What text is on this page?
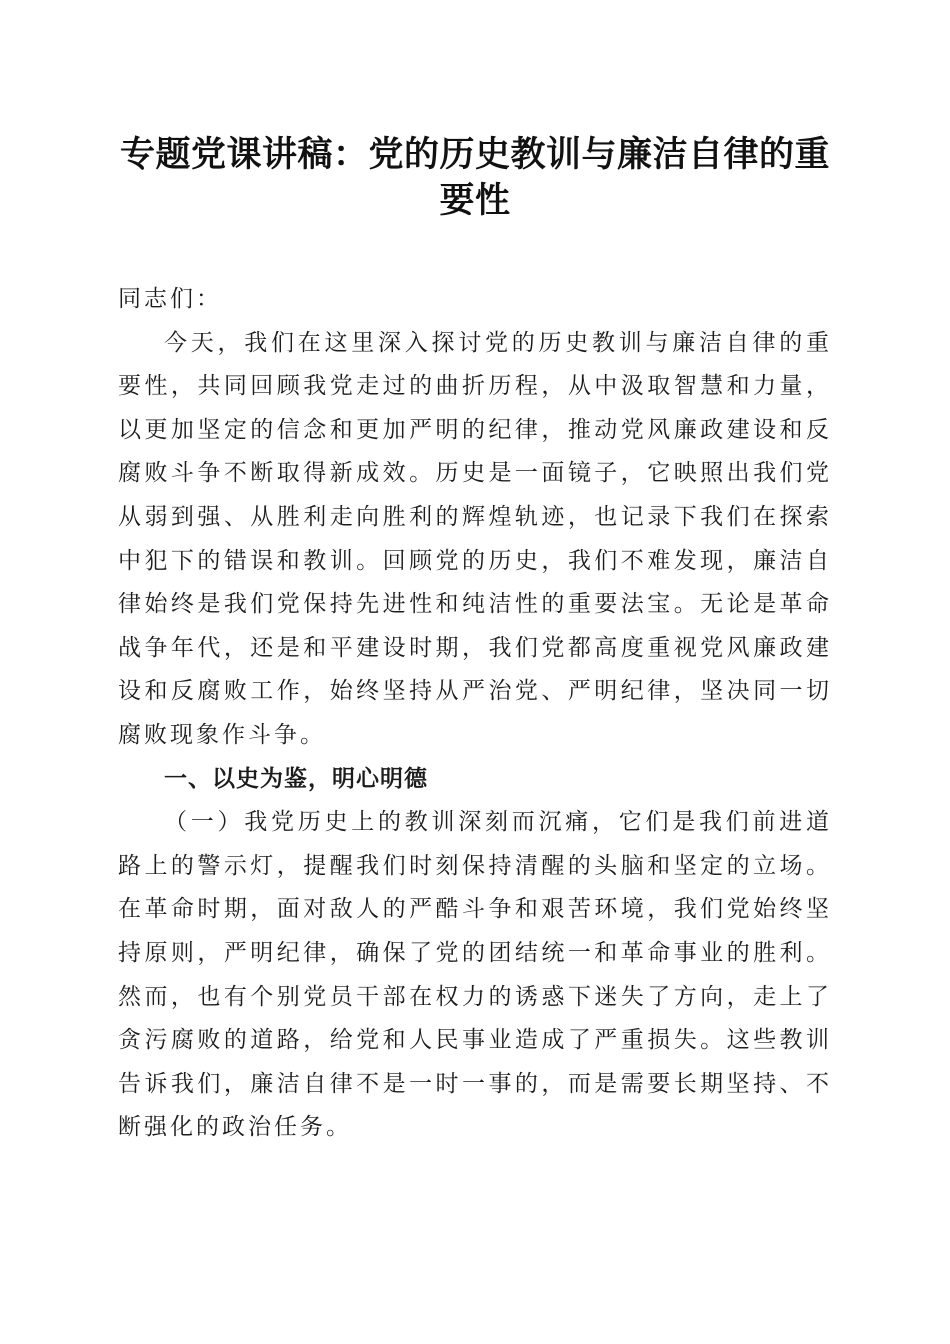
专题党课讲稿：党的历史教训与廉洁自律的重要性

同志们：

今天，我们在这里深入探讨党的历史教训与廉洁自律的重要性，共同回顾我党走过的曲折历程，从中汲取智慧和力量，以更加坚定的信念和更加严明的纪律，推动党风廉政建设和反腐败斗争不断取得新成效。历史是一面镜子，它映照出我们党从弱到强、从胜利走向胜利的辉煌轨迹，也记录下我们在探索中犯下的错误和教训。回顾党的历史，我们不难发现，廉洁自律始终是我们党保持先进性和纯洁性的重要法宝。无论是革命战争年代，还是和平建设时期，我们党都高度重视党风廉政建设和反腐败工作，始终坚持从严治党、严明纪律，坚决同一切腐败现象作斗争。

一、以史为鉴，明心明德

（一）我党历史上的教训深刻而沉痛，它们是我们前进道路上的警示灯，提醒我们时刻保持清醒的头脑和坚定的立场。在革命时期，面对敌人的严酷斗争和艰苦环境，我们党始终坚持原则，严明纪律，确保了党的团结统一和革命事业的胜利。然而，也有个别党员干部在权力的诱惑下迷失了方向，走上了贪污腐败的道路，给党和人民事业造成了严重损失。这些教训告诉我们，廉洁自律不是一时一事的，而是需要长期坚持、不断强化的政治任务。
